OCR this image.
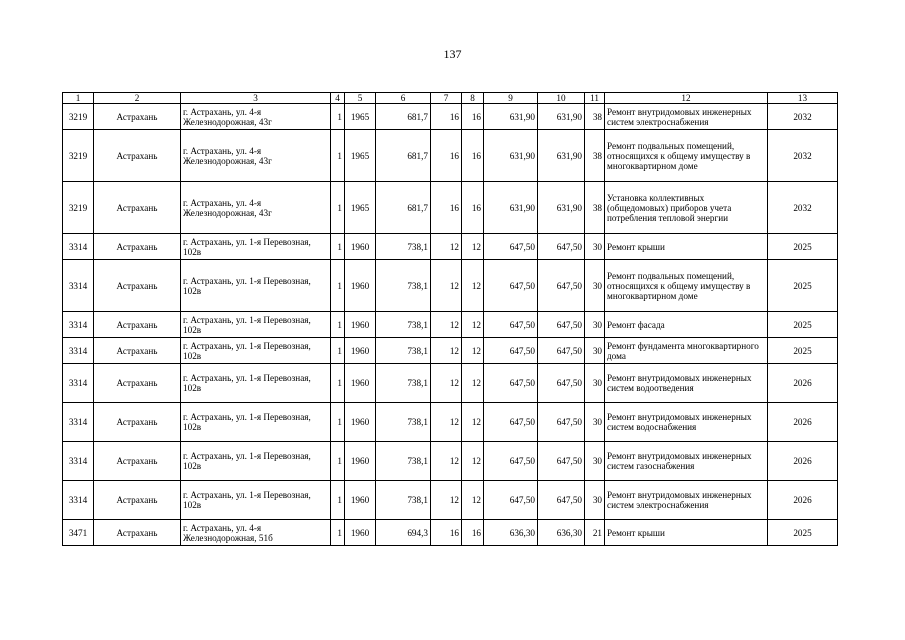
137
1	2	3	4	5	6	7	8	9	10	11	12	13
3219	Астрахань	г. Астрахань, ул. 4-я Железнодорожная, 43г	1	1965	681,7	16	16	631,90	631,90	38	Ремонт внутридомовых инженерных систем электроснабжения	2032
3219	Астрахань	г. Астрахань, ул. 4-я Железнодорожная, 43г	1	1965	681,7	16	16	631,90	631,90	38	Ремонт подвальных помещений, относящихся к общему имуществу в многоквартирном доме	2032
3219	Астрахань	г. Астрахань, ул. 4-я Железнодорожная, 43г	1	1965	681,7	16	16	631,90	631,90	38	Установка коллективных (общедомовых) приборов учета потребления тепловой энергии	2032
3314	Астрахань	г. Астрахань, ул. 1-я Перевозная, 102в	1	1960	738,1	12	12	647,50	647,50	30	Ремонт крыши	2025
3314	Астрахань	г. Астрахань, ул. 1-я Перевозная, 102в	1	1960	738,1	12	12	647,50	647,50	30	Ремонт подвальных помещений, относящихся к общему имуществу в многоквартирном доме	2025
3314	Астрахань	г. Астрахань, ул. 1-я Перевозная, 102в	1	1960	738,1	12	12	647,50	647,50	30	Ремонт фасада	2025
3314	Астрахань	г. Астрахань, ул. 1-я Перевозная, 102в	1	1960	738,1	12	12	647,50	647,50	30	Ремонт фундамента многоквартирного дома	2025
3314	Астрахань	г. Астрахань, ул. 1-я Перевозная, 102в	1	1960	738,1	12	12	647,50	647,50	30	Ремонт внутридомовых инженерных систем водоотведения	2026
3314	Астрахань	г. Астрахань, ул. 1-я Перевозная, 102в	1	1960	738,1	12	12	647,50	647,50	30	Ремонт внутридомовых инженерных систем водоснабжения	2026
3314	Астрахань	г. Астрахань, ул. 1-я Перевозная, 102в	1	1960	738,1	12	12	647,50	647,50	30	Ремонт внутридомовых инженерных систем газоснабжения	2026
3314	Астрахань	г. Астрахань, ул. 1-я Перевозная, 102в	1	1960	738,1	12	12	647,50	647,50	30	Ремонт внутридомовых инженерных систем электроснабжения	2026
3471	Астрахань	г. Астрахань, ул. 4-я Железнодорожная, 51б	1	1960	694,3	16	16	636,30	636,30	21	Ремонт крыши	2025
